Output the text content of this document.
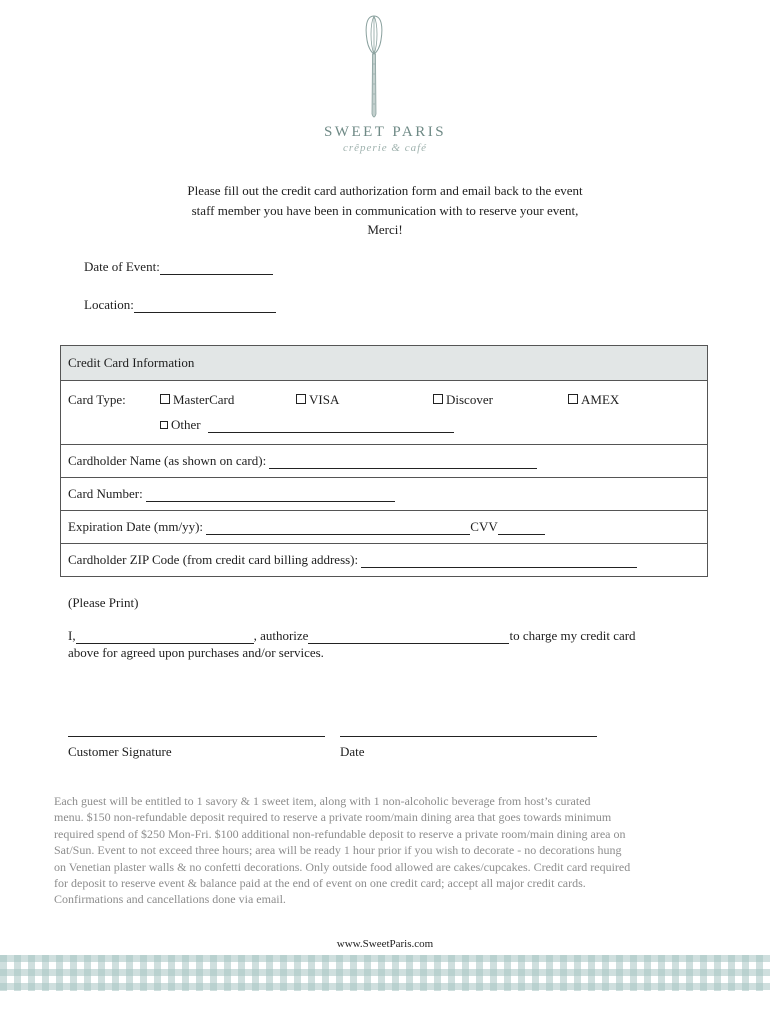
SWEET PARIS
crêperie & café
Please fill out the credit card authorization form and email back to the event
staff member you have been in communication with to reserve your event,
Merci!
Date of Event:
Location:
Credit Card Information
Card Type:	MasterCard	VISA	Discover	AMEX
Other
Cardholder Name (as shown on card):
Card Number:
Expiration Date (mm/yy):	CVV
Cardholder ZIP Code (from credit card billing address):
(Please Print)
I,	, authorize	to charge my credit card
above for agreed upon purchases and/or services.
Customer Signature	Date

Each guest will be entitled to 1 savory & 1 sweet item, along with 1 non-alcoholic beverage from host’s curated

menu. $150 non-refundable deposit required to reserve a private room/main dining area that goes towards minimum

required spend of $250 Mon-Fri. $100 additional non-refundable deposit to reserve a private room/main dining area on

Sat/Sun. Event to not exceed three hours; area will be ready 1 hour prior if you wish to decorate - no decorations hung

on Venetian plaster walls & no confetti decorations. Only outside food allowed are cakes/cupcakes. Credit card required

for deposit to reserve event & balance paid at the end of event on one credit card; accept all major credit cards.

Confirmations and cancellations done via email.

www.SweetParis.com
